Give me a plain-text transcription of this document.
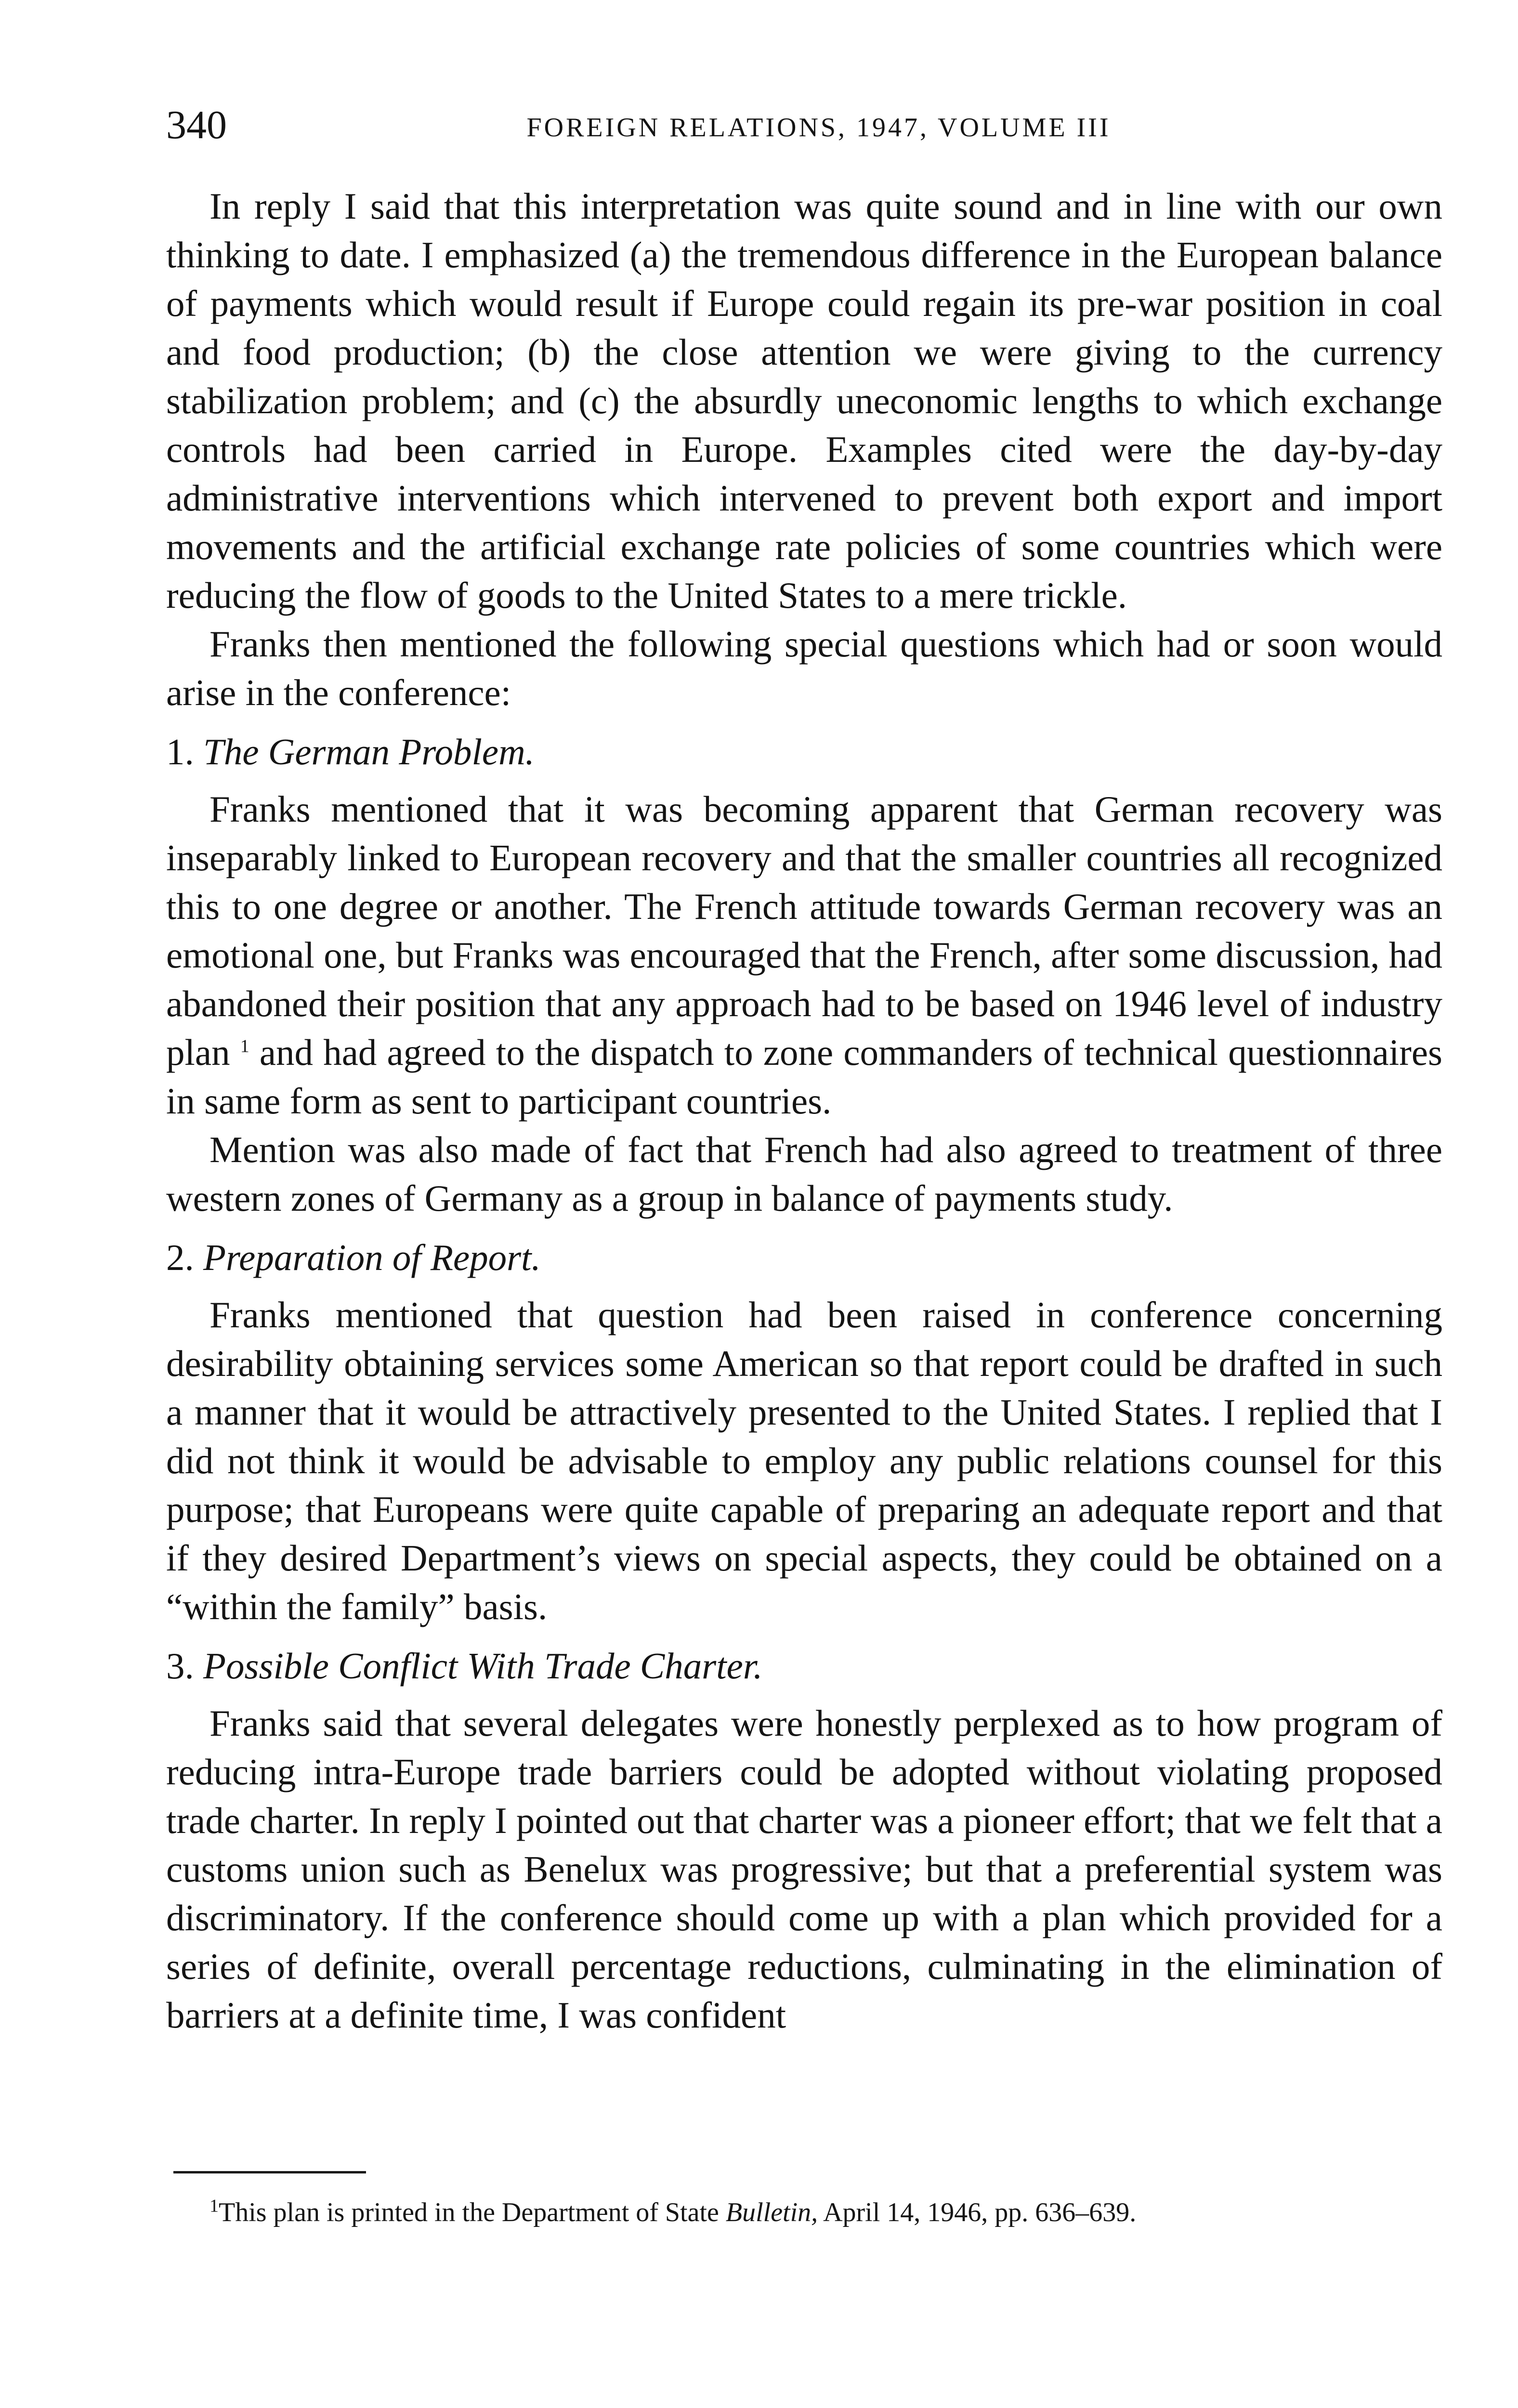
340	FOREIGN RELATIONS, 1947, VOLUME III

In reply I said that this interpretation was quite sound and in line with our own thinking to date. I emphasized (a) the tremendous difference in the European balance of payments which would result if Europe could regain its pre-war position in coal and food production; (b) the close attention we were giving to the currency stabilization problem; and (c) the absurdly uneconomic lengths to which exchange controls had been carried in Europe. Examples cited were the day-by-day administrative interventions which intervened to prevent both export and import movements and the artificial exchange rate policies of some countries which were reducing the flow of goods to the United States to a mere trickle.

Franks then mentioned the following special questions which had or soon would arise in the conference:

1. The German Problem.

Franks mentioned that it was becoming apparent that German recovery was inseparably linked to European recovery and that the smaller countries all recognized this to one degree or another. The French attitude towards German recovery was an emotional one, but Franks was encouraged that the French, after some discussion, had abandoned their position that any approach had to be based on 1946 level of industry plan $^1$ and had agreed to the dispatch to zone commanders of technical questionnaires in same form as sent to participant countries.

Mention was also made of fact that French had also agreed to treatment of three western zones of Germany as a group in balance of payments study.

2. Preparation of Report.

Franks mentioned that question had been raised in conference concerning desirability obtaining services some American so that report could be drafted in such a manner that it would be attractively presented to the United States. I replied that I did not think it would be advisable to employ any public relations counsel for this purpose; that Europeans were quite capable of preparing an adequate report and that if they desired Department’s views on special aspects, they could be obtained on a “within the family” basis.

3. Possible Conflict With Trade Charter.

Franks said that several delegates were honestly perplexed as to how program of reducing intra-Europe trade barriers could be adopted without violating proposed trade charter. In reply I pointed out that charter was a pioneer effort; that we felt that a customs union such as Benelux was progressive; but that a preferential system was discriminatory. If the conference should come up with a plan which provided for a series of definite, overall percentage reductions, culminating in the elimination of barriers at a definite time, I was confident

$^1$This plan is printed in the Department of State Bulletin, April 14, 1946, pp. 636–639.
